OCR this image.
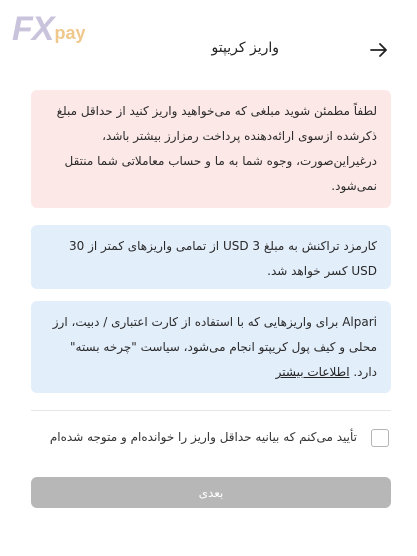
FX pay
واریز کریپتو
لطفاً مطمئن شوید مبلغی که می‌خواهید واریز کنید از حداقل مبلغ ذکرشده ازسوی ارائه‌دهنده پرداخت رمزارز بیشتر باشد، درغیراین‌صورت، وجوه شما به ما و حساب معاملاتی شما منتقل نمی‌شود.
کارمزد تراکنش به مبلغ 3 USD از تمامی واریزهای کمتر از 30 USD کسر خواهد شد.
Alpari برای واریزهایی که با استفاده از کارت اعتباری / دبیت، ارز محلی و کیف پول کریپتو انجام می‌شود، سیاست "چرخه بسته" دارد. اطلاعات بیشتر
تأیید می‌کنم که بیانیه حداقل واریز را خوانده‌ام و متوجه شده‌ام
بعدی
